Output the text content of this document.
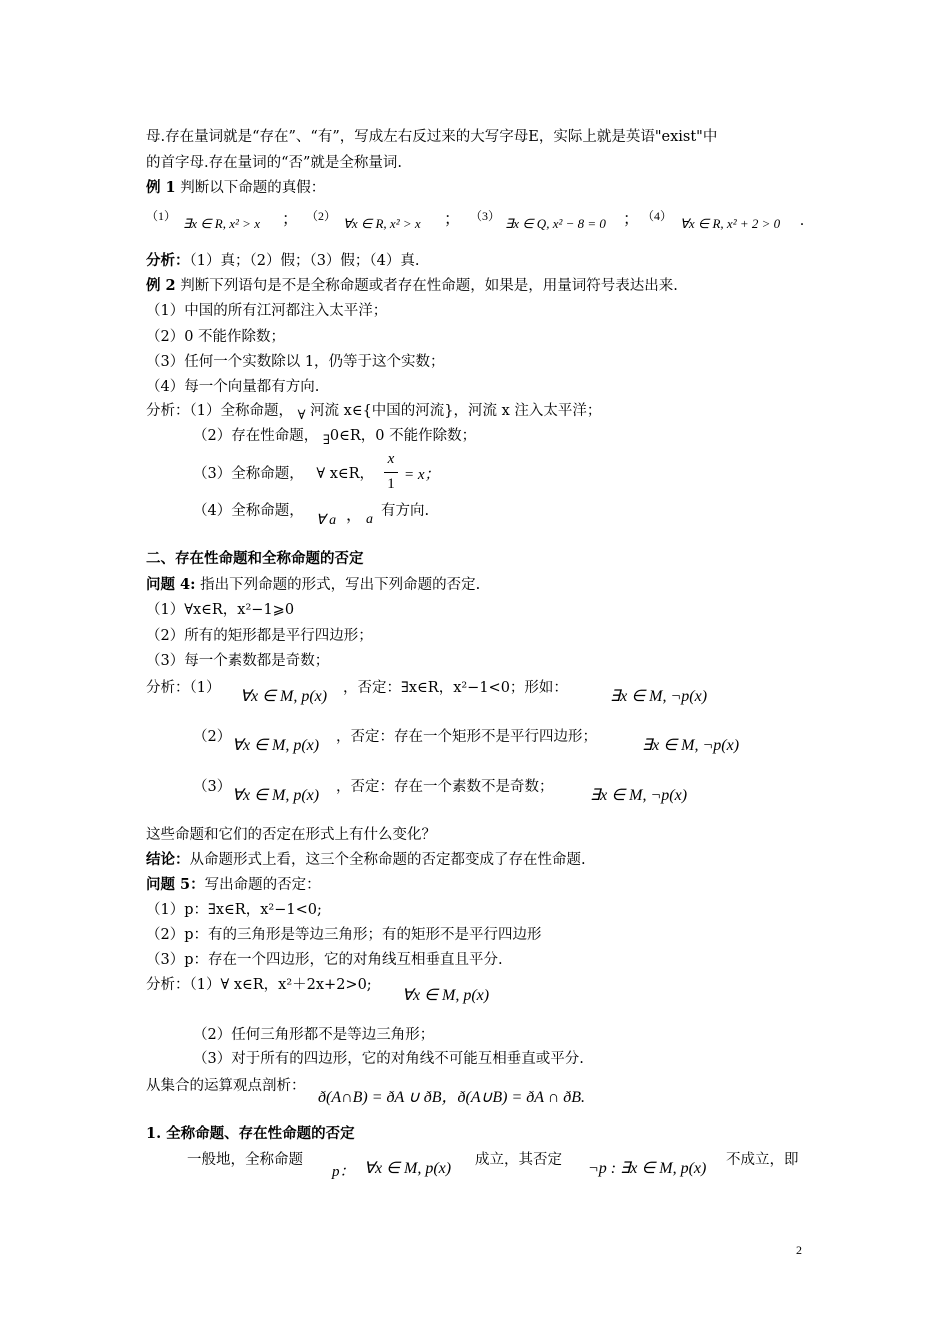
母.存在量词就是“存在”、“有”，写成左右反过来的大写字母E，实际上就是英语"exist"中
的首字母.存在量词的“否”就是全称量词.
例 1 判断以下命题的真假：
（1） ∃x ∈ R, x² > x ； （2） ∀x ∈ R, x² > x ； （3） ∃x ∈ Q, x² − 8 = 0 ； （4） ∀x ∈ R, x² + 2 > 0 .
分析：（1）真；（2）假；（3）假；（4）真.
例 2 判断下列语句是不是全称命题或者存在性命题，如果是，用量词符号表达出来.
（1）中国的所有江河都注入太平洋；
（2）0 不能作除数；
（3）任何一个实数除以 1，仍等于这个实数；
（4）每一个向量都有方向.
分析：（1）全称命题， ∀ 河流 x∈{中国的河流}，河流 x 注入太平洋；
（2）存在性命题， ∃0∈R，0 不能作除数；
（3）全称命题， ∀ x∈R，
x
1
= x；
（4）全称命题，
∀ a ， a
有方向.
二、存在性命题和全称命题的否定
问题 4: 指出下列命题的形式，写出下列命题的否定.
（1）∀x∈R，x²−1⩾0
（2）所有的矩形都是平行四边形；
（3）每一个素数都是奇数；
分析：（1） ∀x ∈ M, p(x) ，否定：∃x∈R，x²−1<0；形如：	∃x ∈ M, ¬p(x)
（2） ∀x ∈ M, p(x) ，否定：存在一个矩形不是平行四边形；	∃x ∈ M, ¬p(x)
（3） ∀x ∈ M, p(x) ，否定：存在一个素数不是奇数； ∃x ∈ M, ¬p(x)
这些命题和它们的否定在形式上有什么变化？
结论：从命题形式上看，这三个全称命题的否定都变成了存在性命题.
问题 5：写出命题的否定：
（1）p：∃x∈R，x²−1<0;
（2）p：有的三角形是等边三角形；有的矩形不是平行四边形
（3）p：存在一个四边形，它的对角线互相垂直且平分.
分析：（1）∀ x∈R，x²＋2x+2>0;
∀x ∈ M, p(x)
（2）任何三角形都不是等边三角形；
（3）对于所有的四边形，它的对角线不可能互相垂直或平分.
从集合的运算观点剖析：
ð(A∩B) = ðA ∪ ðB，ð(A∪B) = ðA ∩ ðB.
1. 全称命题、存在性命题的否定
一般地，全称命题
p： ∀x ∈ M, p(x) 成立，其否定 ¬p : ∃x ∈ M, p(x) 不成立，即
2
